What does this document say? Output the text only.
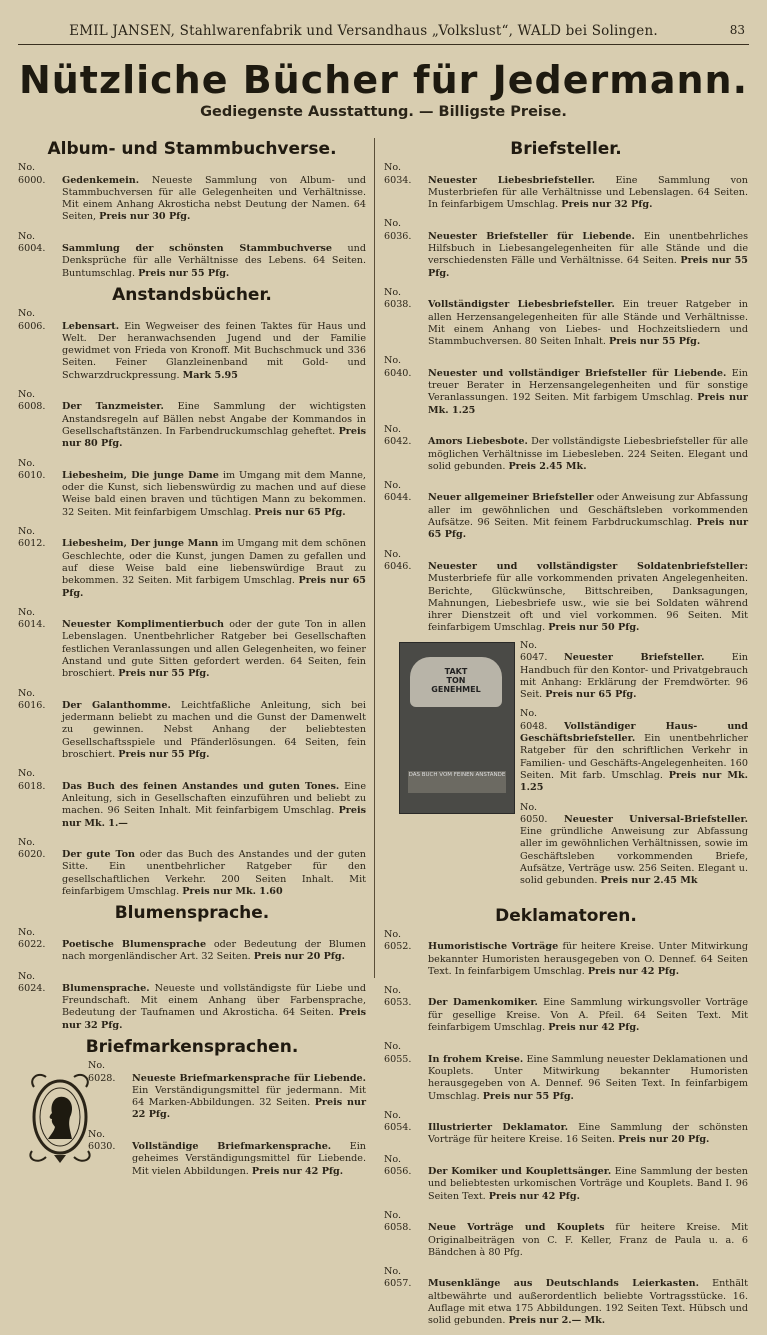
EMIL JANSEN, Stahlwarenfabrik und Versandhaus „Volkslust“, WALD bei Solingen.	83
Nützliche Bücher für Jedermann.
Gediegenste Ausstattung. — Billigste Preise.
Album- und Stammbuchverse.

No. 6000. Gedenkemein. Neueste Sammlung von Album- und Stammbuchversen für alle Gelegenheiten und Verhältnisse. Mit einem Anhang Akrosticha nebst Deutung der Namen. 64 Seiten, Preis nur 30 Pfg.

No. 6004. Sammlung der schönsten Stammbuchverse und Denksprüche für alle Verhältnisse des Lebens. 64 Seiten. Buntumschlag. Preis nur 55 Pfg.

Anstandsbücher.

No. 6006. Lebensart. Ein Wegweiser des feinen Taktes für Haus und Welt. Der heranwachsenden Jugend und der Familie gewidmet von Frieda von Kronoff. Mit Buchschmuck und 336 Seiten. Feiner Glanzleinenband mit Gold- und Schwarzdruckpressung. Mark 5.95

No. 6008. Der Tanzmeister. Eine Sammlung der wichtigsten Anstandsregeln auf Bällen nebst Angabe der Kommandos in Gesellschaftstänzen. In Farbendruckumschlag geheftet. Preis nur 80 Pfg.

No. 6010. Liebesheim, Die junge Dame im Umgang mit dem Manne, oder die Kunst, sich liebenswürdig zu machen und auf diese Weise bald einen braven und tüchtigen Mann zu bekommen. 32 Seiten. Mit feinfarbigem Umschlag. Preis nur 65 Pfg.

No. 6012. Liebesheim, Der junge Mann im Umgang mit dem schönen Geschlechte, oder die Kunst, jungen Damen zu gefallen und auf diese Weise bald eine liebenswürdige Braut zu bekommen. 32 Seiten. Mit farbigem Umschlag. Preis nur 65 Pfg.

No. 6014. Neuester Komplimentierbuch oder der gute Ton in allen Lebenslagen. Unentbehrlicher Ratgeber bei Gesellschaften festlichen Veranlassungen und allen Gelegenheiten, wo feiner Anstand und gute Sitten gefordert werden. 64 Seiten, fein broschiert. Preis nur 55 Pfg.

No. 6016. Der Galanthomme. Leichtfaßliche Anleitung, sich bei jedermann beliebt zu machen und die Gunst der Damenwelt zu gewinnen. Nebst Anhang der beliebtesten Gesellschaftsspiele und Pfänderlösungen. 64 Seiten, fein broschiert. Preis nur 55 Pfg.

No. 6018. Das Buch des feinen Anstandes und guten Tones. Eine Anleitung, sich in Gesellschaften einzuführen und beliebt zu machen. 96 Seiten Inhalt. Mit feinfarbigem Umschlag. Preis nur Mk. 1.—

No. 6020. Der gute Ton oder das Buch des Anstandes und der guten Sitte. Ein unentbehrlicher Ratgeber für den gesellschaftlichen Verkehr. 200 Seiten Inhalt. Mit feinfarbigem Umschlag. Preis nur Mk. 1.60

Blumensprache.

No. 6022. Poetische Blumensprache oder Bedeutung der Blumen nach morgenländischer Art. 32 Seiten. Preis nur 20 Pfg.

No. 6024. Blumensprache. Neueste und vollständigste für Liebe und Freundschaft. Mit einem Anhang über Farbensprache, Bedeutung der Taufnamen und Akrosticha. 64 Seiten. Preis nur 32 Pfg.

Briefmarkensprachen.

No. 6028. Neueste Briefmarkensprache für Liebende. Ein Verständigungsmittel für jedermann. Mit 64 Marken-Abbildungen. 32 Seiten. Preis nur 22 Pfg.

No. 6030. Vollständige Briefmarkensprache. Ein geheimes Verständigungsmittel für Liebende. Mit vielen Abbildungen. Preis nur 42 Pfg.

Briefsteller.

No. 6034. Neuester Liebesbriefsteller. Eine Sammlung von Musterbriefen für alle Verhältnisse und Lebenslagen. 64 Seiten. In feinfarbigem Umschlag. Preis nur 32 Pfg.

No. 6036. Neuester Briefsteller für Liebende. Ein unentbehrliches Hilfsbuch in Liebesangelegenheiten für alle Stände und die verschiedensten Fälle und Verhältnisse. 64 Seiten. Preis nur 55 Pfg.

No. 6038. Vollständigster Liebesbriefsteller. Ein treuer Ratgeber in allen Herzensangelegenheiten für alle Stände und Verhältnisse. Mit einem Anhang von Liebes- und Hochzeitsliedern und Stammbuchversen. 80 Seiten Inhalt. Preis nur 55 Pfg.

No. 6040. Neuester und vollständiger Briefsteller für Liebende. Ein treuer Berater in Herzensangelegenheiten und für sonstige Veranlassungen. 192 Seiten. Mit farbigem Umschlag. Preis nur Mk. 1.25

No. 6042. Amors Liebesbote. Der vollständigste Liebesbriefsteller für alle möglichen Verhältnisse im Liebesleben. 224 Seiten. Elegant und solid gebunden. Preis 2.45 Mk.

No. 6044. Neuer allgemeiner Briefsteller oder Anweisung zur Abfassung aller im gewöhnlichen und Geschäftsleben vorkommenden Aufsätze. 96 Seiten. Mit feinem Farbdruckumschlag. Preis nur 65 Pfg.

No. 6046. Neuester und vollständigster Soldatenbriefsteller: Musterbriefe für alle vorkommenden privaten Angelegenheiten. Berichte, Glückwünsche, Bittschreiben, Danksagungen, Mahnungen, Liebesbriefe usw., wie sie bei Soldaten während ihrer Dienstzeit oft und viel vorkommen. 96 Seiten. Mit feinfarbigem Umschlag. Preis nur 50 Pfg.

Deklamatoren.

No. 6052. Humoristische Vorträge für heitere Kreise. Unter Mitwirkung bekannter Humoristen herausgegeben von O. Dennef. 64 Seiten Text. In feinfarbigem Umschlag. Preis nur 42 Pfg.

No. 6053. Der Damenkomiker. Eine Sammlung wirkungsvoller Vorträge für gesellige Kreise. Von A. Pfeil. 64 Seiten Text. Mit feinfarbigem Umschlag. Preis nur 42 Pfg.

No. 6055. In frohem Kreise. Eine Sammlung neuester Deklamationen und Kouplets. Unter Mitwirkung bekannter Humoristen herausgegeben von A. Dennef. 96 Seiten Text. In feinfarbigem Umschlag. Preis nur 55 Pfg.

No. 6054. Illustrierter Deklamator. Eine Sammlung der schönsten Vorträge für heitere Kreise. 16 Seiten. Preis nur 20 Pfg.

No. 6056. Der Komiker und Kouplettsänger. Eine Sammlung der besten und beliebtesten urkomischen Vorträge und Kouplets. Band I. 96 Seiten Text. Preis nur 42 Pfg.

No. 6058. Neue Vorträge und Kouplets für heitere Kreise. Mit Originalbeiträgen von C. F. Keller, Franz de Paula u. a. 6 Bändchen à 80 Pfg.

No. 6057. Musenklänge aus Deutschlands Leierkasten. Enthält altbewährte und außerordentlich beliebte Vortragsstücke. 16. Auflage mit etwa 175 Abbildungen. 192 Seiten Text. Hübsch und solid gebunden. Preis nur 2.— Mk.

TAKT
TON
GENEHMEL
DAS BUCH VOM FEINEN ANSTANDE

No. 6047. Neuester Briefsteller.	Ein Handbuch für den Kontor- und Privatgebrauch mit Anhang: Erklärung der Fremdwörter. 96 Seit. Preis nur 65 Pfg.

No. 6048. Vollständiger Haus- und Geschäftsbriefsteller. Ein unentbehrlicher Ratgeber für den schriftlichen Verkehr in Familien- und Geschäfts-Angelegenheiten. 160 Seiten. Mit farb. Umschlag. Preis nur Mk. 1.25

No. 6050. Neuester Universal-Briefsteller. Eine gründliche Anweisung zur Abfassung aller im gewöhnlichen Verhältnissen, sowie im Geschäftsleben vorkommenden Briefe, Aufsätze, Verträge usw. 256 Seiten. Elegant u. solid gebunden. Preis nur 2.45 Mk
